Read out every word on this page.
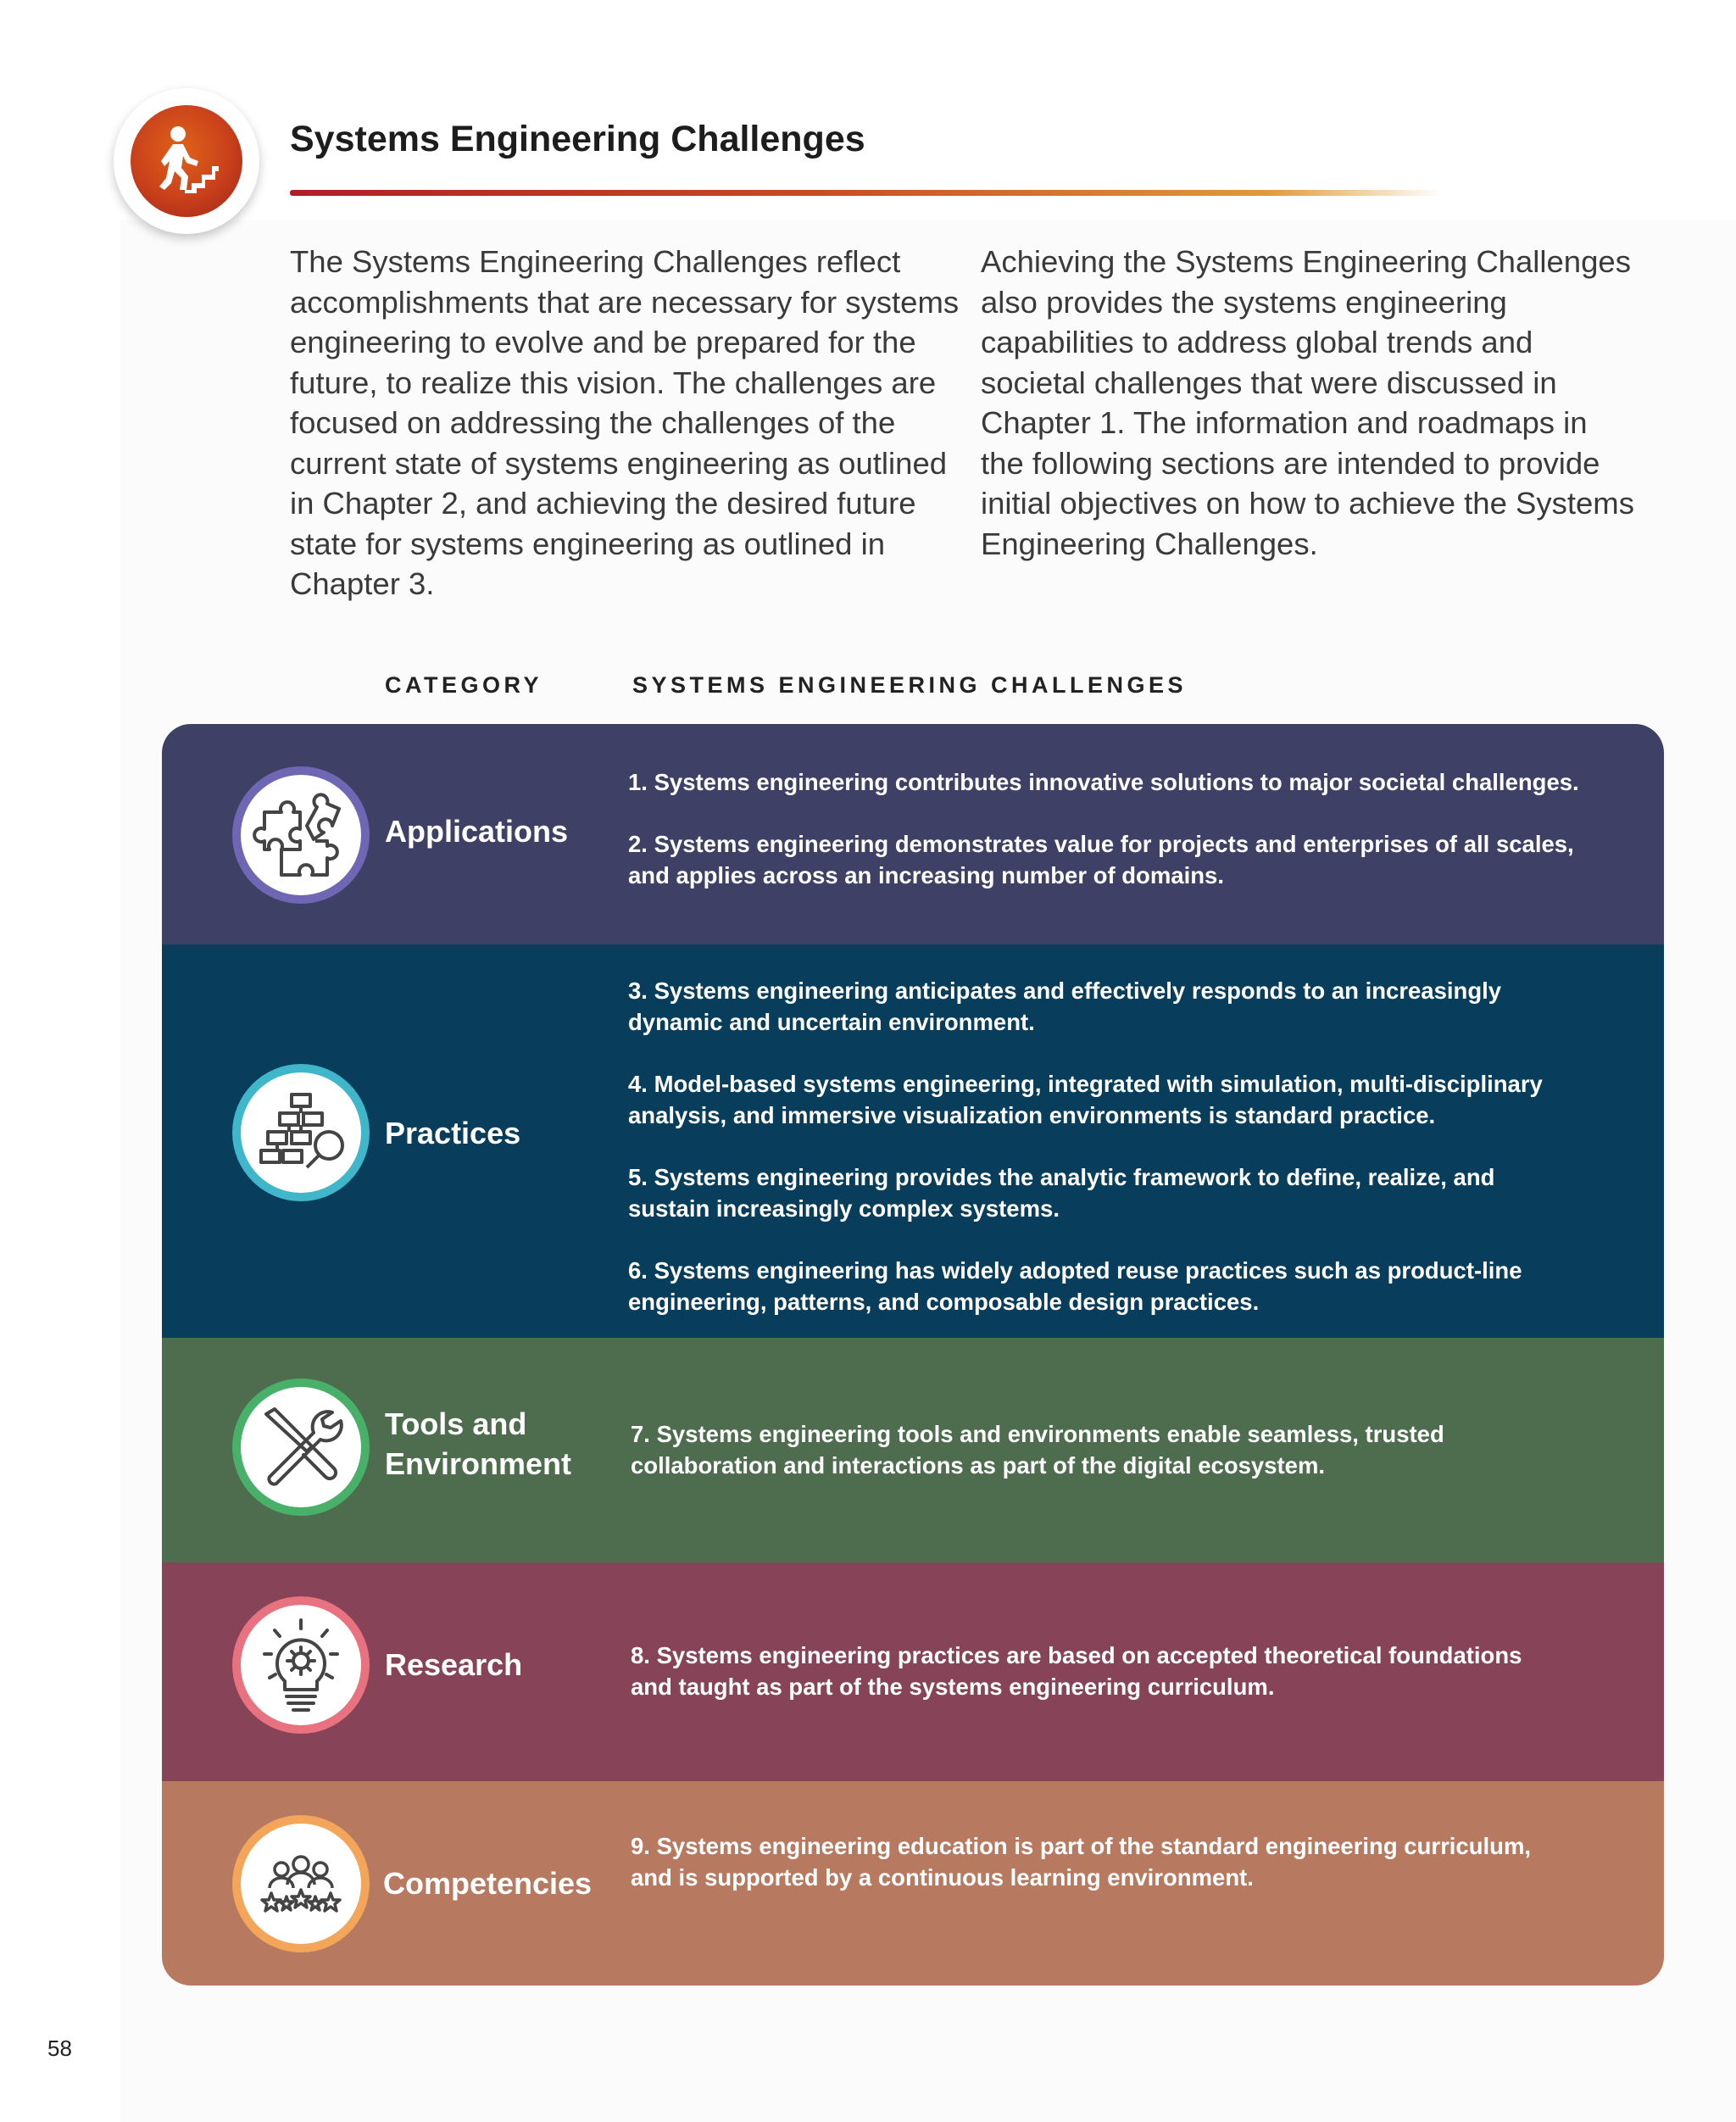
Systems Engineering Challenges
The Systems Engineering Challenges reflect
accomplishments that are necessary for systems
engineering to evolve and be prepared for the
future, to realize this vision. The challenges are
focused on addressing the challenges of the
current state of systems engineering as outlined
in Chapter 2, and achieving the desired future
state for systems engineering as outlined in
Chapter 3.
Achieving the Systems Engineering Challenges
also provides the systems engineering
capabilities to address global trends and
societal challenges that were discussed in
Chapter 1. The information and roadmaps in
the following sections are intended to provide
initial objectives on how to achieve the Systems
Engineering Challenges.
CATEGORY	SYSTEMS ENGINEERING CHALLENGES
Applications
1. Systems engineering contributes innovative solutions to major societal challenges.
2. Systems engineering demonstrates value for projects and enterprises of all scales,
and applies across an increasing number of domains.
Practices
3. Systems engineering anticipates and effectively responds to an increasingly
dynamic and uncertain environment.
4. Model-based systems engineering, integrated with simulation, multi-disciplinary
analysis, and immersive visualization environments is standard practice.
5. Systems engineering provides the analytic framework to define, realize, and
sustain increasingly complex systems.
6. Systems engineering has widely adopted reuse practices such as product-line
engineering, patterns, and composable design practices.
Tools and
Environment
7. Systems engineering tools and environments enable seamless, trusted
collaboration and interactions as part of the digital ecosystem.
Research	8. Systems engineering practices are based on accepted theoretical foundations
and taught as part of the systems engineering curriculum.
Competencies
9. Systems engineering education is part of the standard engineering curriculum,
and is supported by a continuous learning environment.
58
